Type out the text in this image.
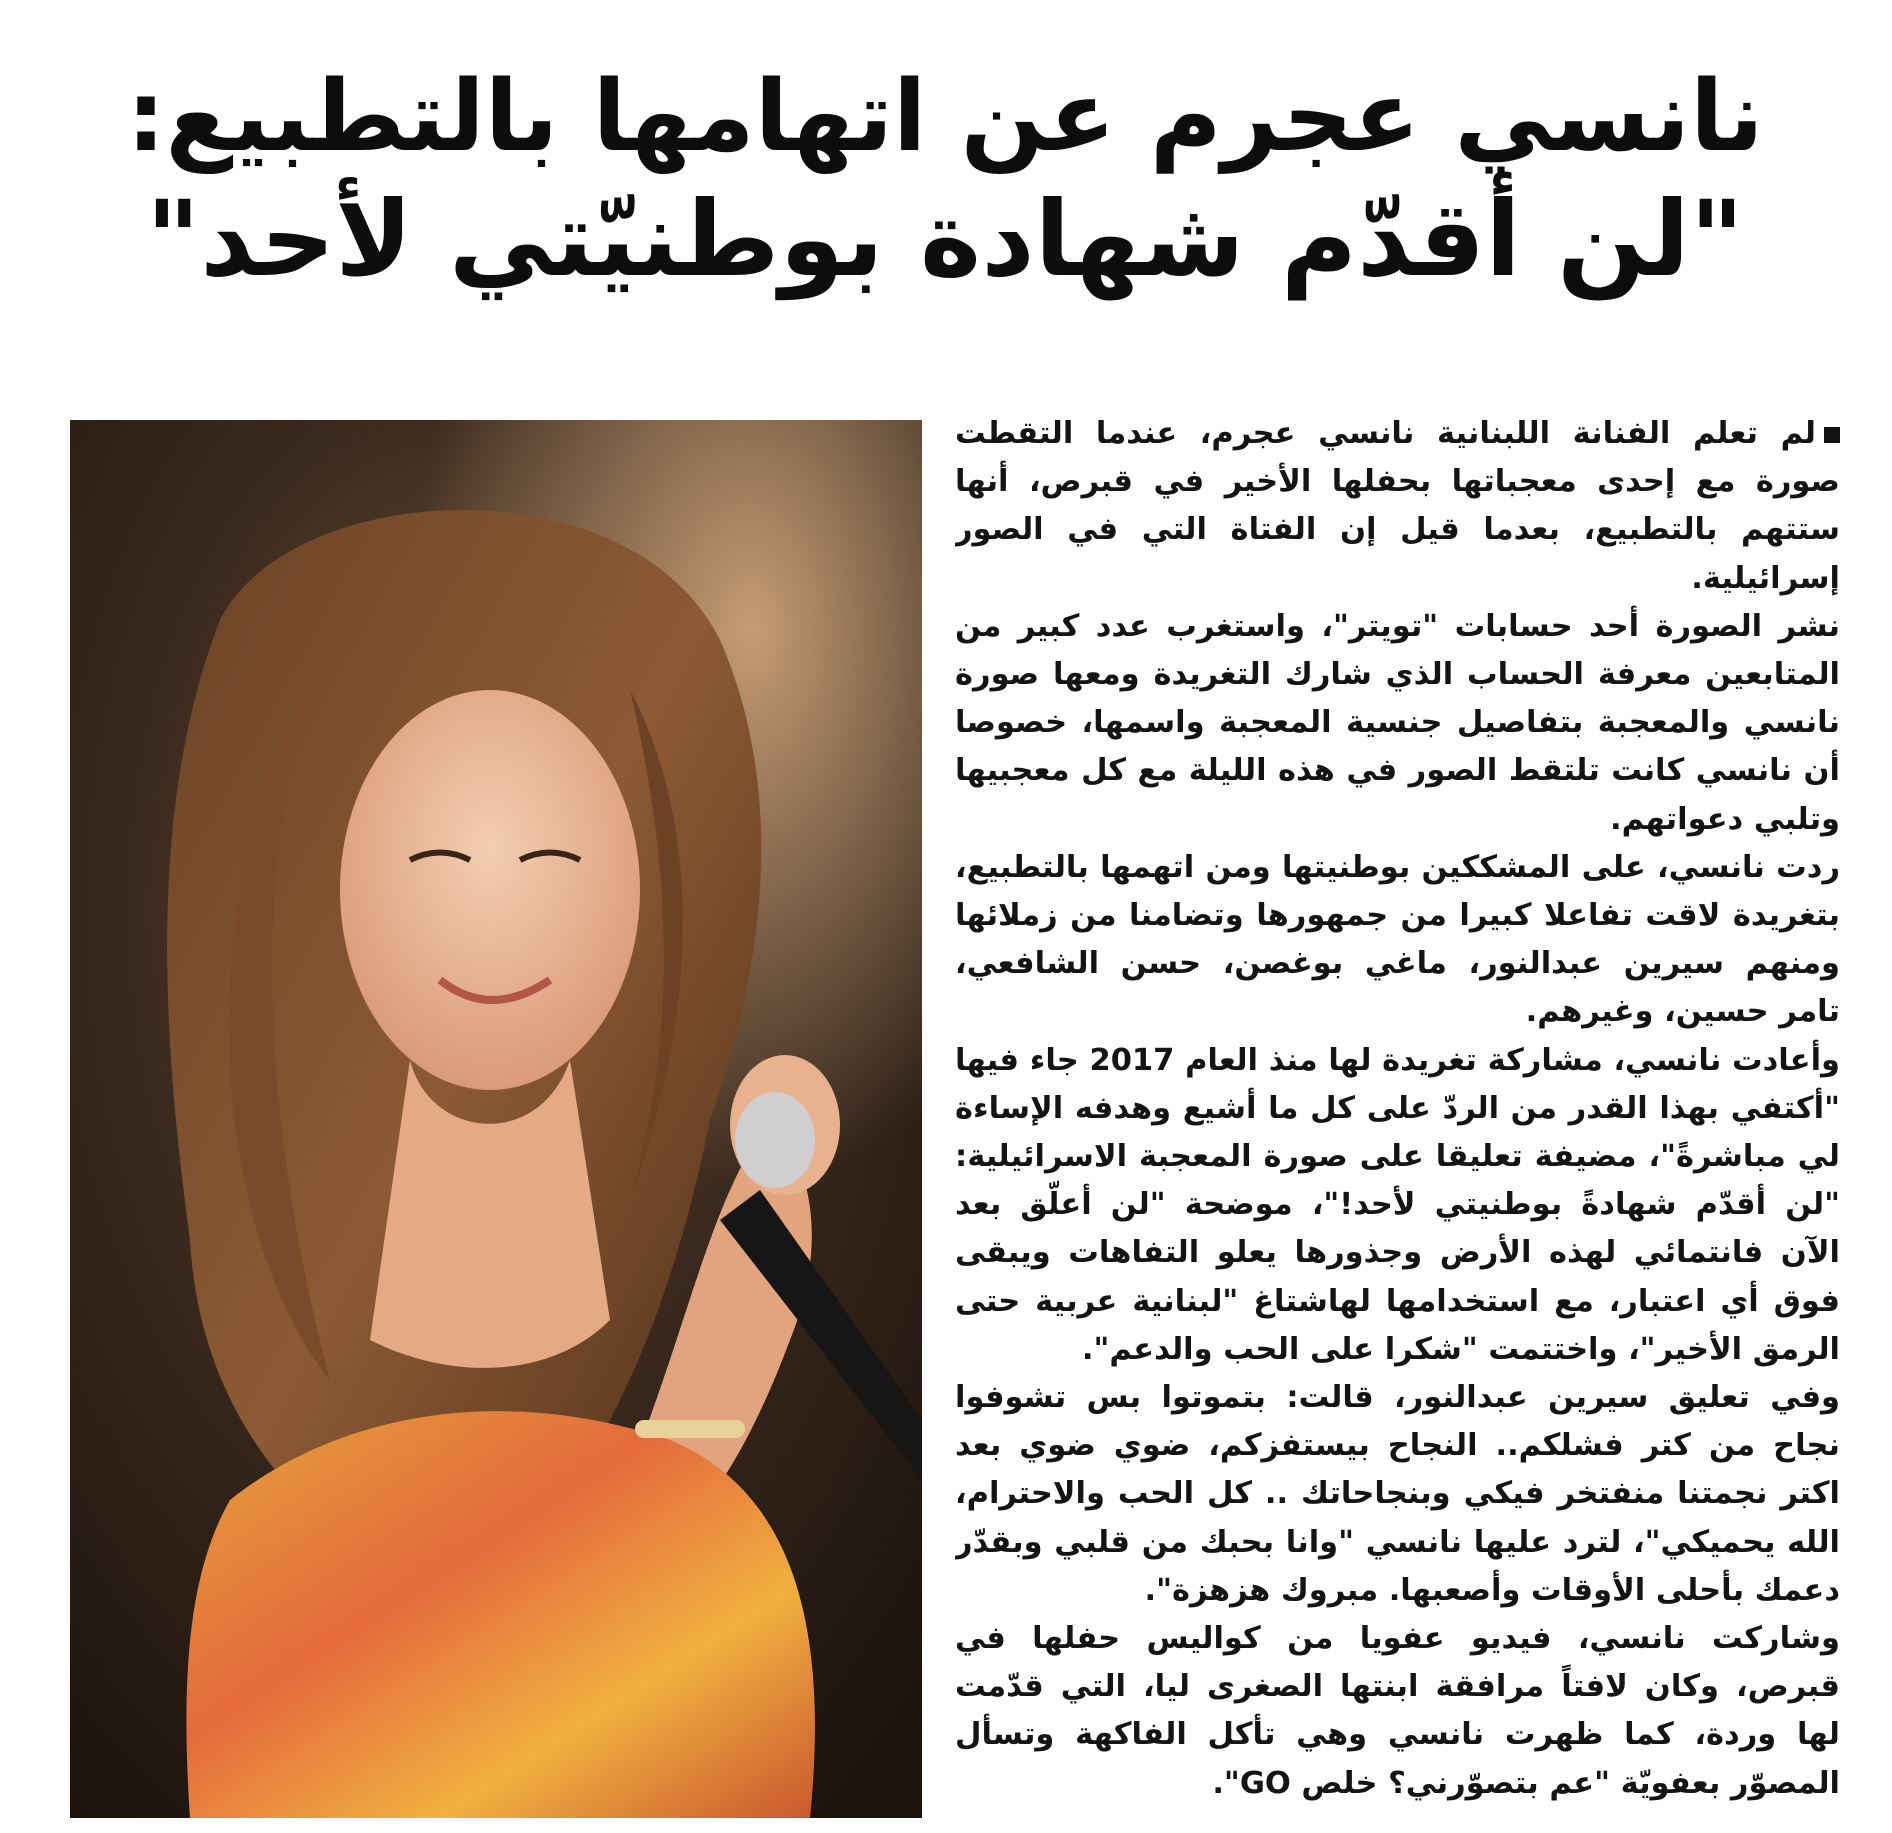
نانسي عجرم عن اتهامها بالتطبيع:
"لن أقدّم شهادة بوطنيّتي لأحد"

لم تعلم الفنانة اللبنانية نانسي عجرم، عندما التقطت صورة مع إحدى معجباتها بحفلها الأخير في قبرص، أنها ستتهم بالتطبيع، بعدما قيل إن الفتاة التي في الصور إسرائيلية.

نشر الصورة أحد حسابات "تويتر"، واستغرب عدد كبير من المتابعين معرفة الحساب الذي شارك التغريدة ومعها صورة نانسي والمعجبة بتفاصيل جنسية المعجبة واسمها، خصوصا أن نانسي كانت تلتقط الصور في هذه الليلة مع كل معجبيها وتلبي دعواتهم.

ردت نانسي، على المشككين بوطنيتها ومن اتهمها بالتطبيع، بتغريدة لاقت تفاعلا كبيرا من جمهورها وتضامنا من زملائها ومنهم سيرين عبدالنور، ماغي بوغصن، حسن الشافعي، تامر حسين، وغيرهم.

وأعادت نانسي، مشاركة تغريدة لها منذ العام 2017 جاء فيها "أكتفي بهذا القدر من الردّ على كل ما أشيع وهدفه الإساءة لي مباشرةً"، مضيفة تعليقا على صورة المعجبة الاسرائيلية: "لن أقدّم شهادةً بوطنيتي لأحد!"، موضحة "لن أعلّق بعد الآن فانتمائي لهذه الأرض وجذورها يعلو التفاهات ويبقى فوق أي اعتبار، مع استخدامها لهاشتاغ "لبنانية عربية حتى الرمق الأخير"، واختتمت "شكرا على الحب والدعم".

وفي تعليق سيرين عبدالنور، قالت: بتموتوا بس تشوفوا نجاح من كتر فشلكم.. النجاح بيستفزكم، ضوي ضوي بعد اكتر نجمتنا منفتخر فيكي وبنجاحاتك .. كل الحب والاحترام، الله يحميكي"، لترد عليها نانسي "وانا بحبك من قلبي وبقدّر دعمك بأحلى الأوقات وأصعبها. مبروك هزهزة".

وشاركت نانسي، فيديو عفويا من كواليس حفلها في قبرص، وكان لافتاً مرافقة ابنتها الصغرى ليا، التي قدّمت لها وردة، كما ظهرت نانسي وهي تأكل الفاكهة وتسأل المصوّر بعفويّة "عم بتصوّرني؟ خلص GO".
